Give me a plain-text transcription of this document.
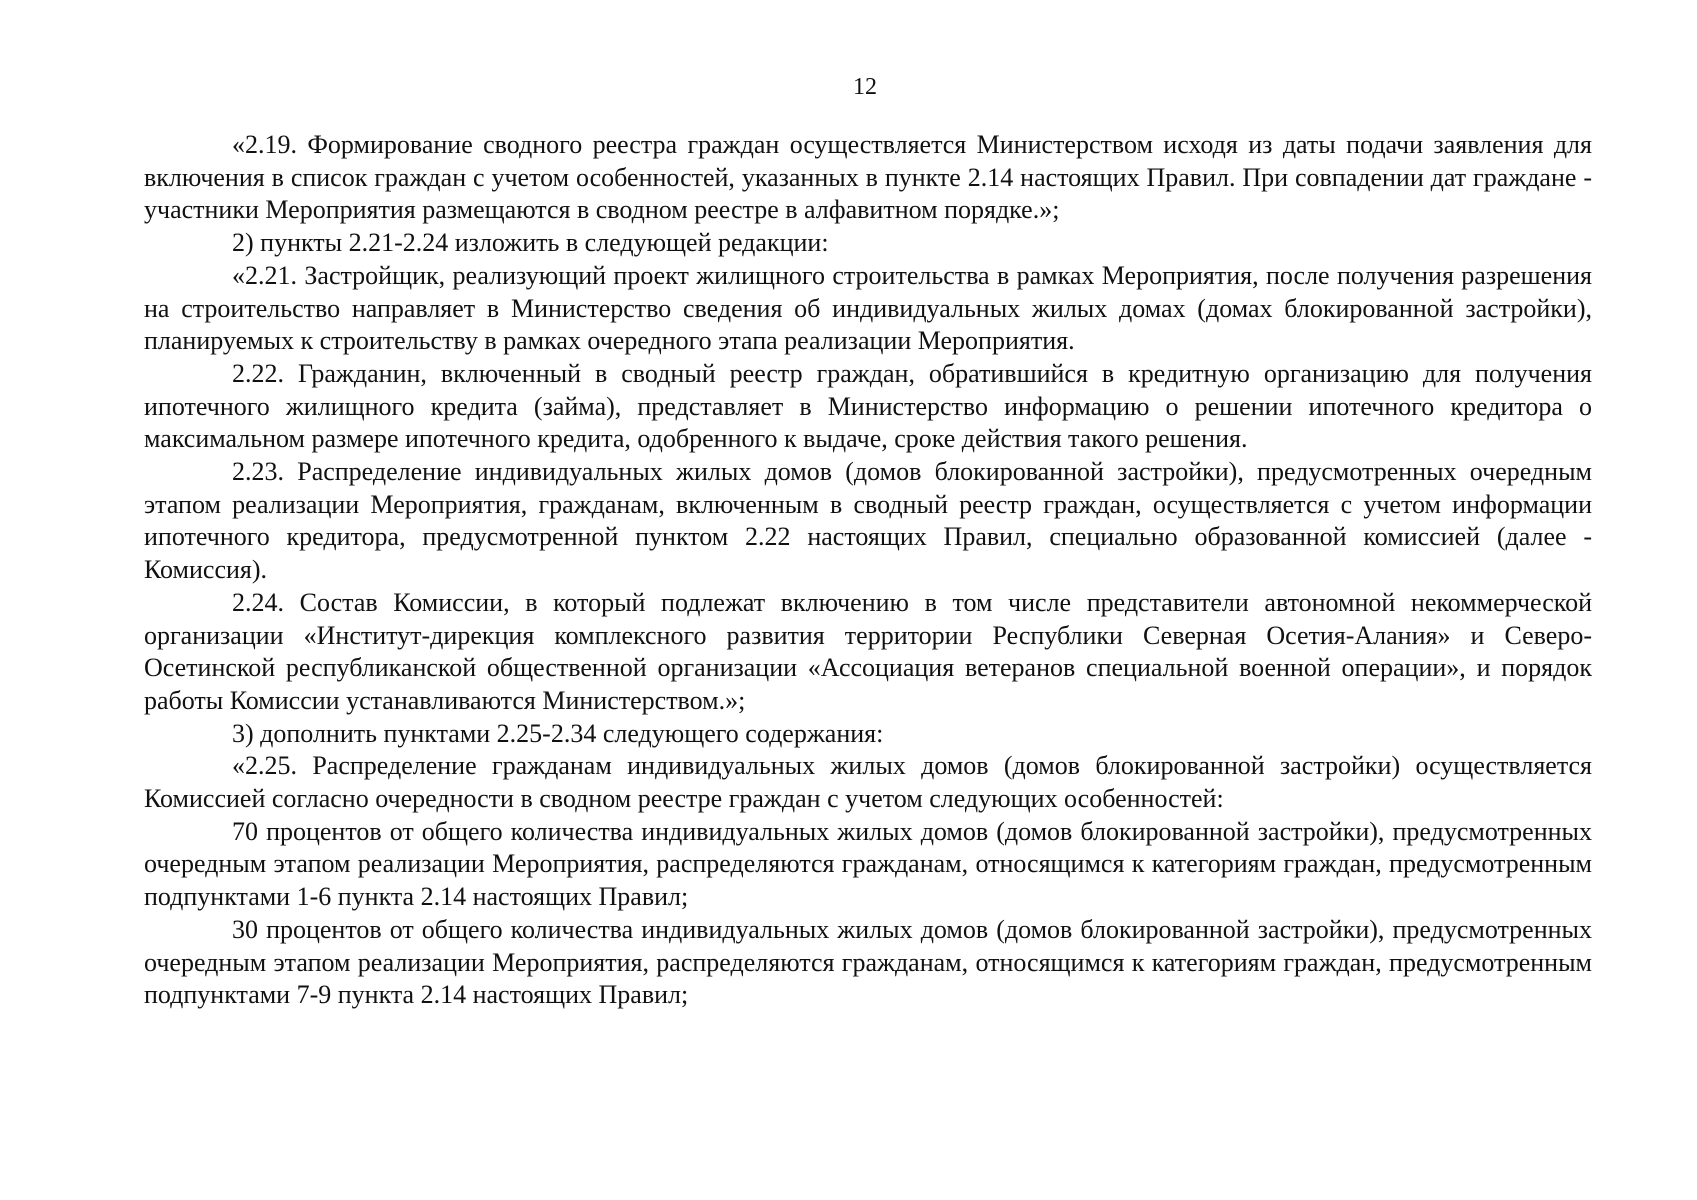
12

«2.19. Формирование сводного реестра граждан осуществляется Министерством исходя из даты подачи заявления для включения в список граждан с учетом особенностей, указанных в пункте 2.14 настоящих Правил. При совпадении дат граждане - участники Мероприятия размещаются в сводном реестре в алфавитном порядке.»;

2) пункты 2.21-2.24 изложить в следующей редакции:

«2.21. Застройщик, реализующий проект жилищного строительства в рамках Мероприятия, после получения разрешения на строительство направляет в Министерство сведения об индивидуальных жилых домах (домах блокированной застройки), планируемых к строительству в рамках очередного этапа реализации Мероприятия.

2.22. Гражданин, включенный в сводный реестр граждан, обратившийся в кредитную организацию для получения ипотечного жилищного кредита (займа), представляет в Министерство информацию о решении ипотечного кредитора о максимальном размере ипотечного кредита, одобренного к выдаче, сроке действия такого решения.

2.23. Распределение индивидуальных жилых домов (домов блокированной застройки), предусмотренных очередным этапом реализации Мероприятия, гражданам, включенным в сводный реестр граждан, осуществляется с учетом информации ипотечного кредитора, предусмотренной пунктом 2.22 настоящих Правил, специально образованной комиссией (далее - Комиссия).

2.24. Состав Комиссии, в который подлежат включению в том числе представители автономной некоммерческой организации «Институт-дирекция комплексного развития территории Республики Северная Осетия-Алания» и Северо-Осетинской республиканской общественной организации «Ассоциация ветеранов специальной военной операции», и порядок работы Комиссии устанавливаются Министерством.»;

3) дополнить пунктами 2.25-2.34 следующего содержания:

«2.25. Распределение гражданам индивидуальных жилых домов (домов блокированной застройки) осуществляется Комиссией согласно очередности в сводном реестре граждан с учетом следующих особенностей:

70 процентов от общего количества индивидуальных жилых домов (домов блокированной застройки), предусмотренных очередным этапом реализации Мероприятия, распределяются гражданам, относящимся к категориям граждан, предусмотренным подпунктами 1-6 пункта 2.14 настоящих Правил;

30 процентов от общего количества индивидуальных жилых домов (домов блокированной застройки), предусмотренных очередным этапом реализации Мероприятия, распределяются гражданам, относящимся к категориям граждан, предусмотренным подпунктами 7-9 пункта 2.14 настоящих Правил;
